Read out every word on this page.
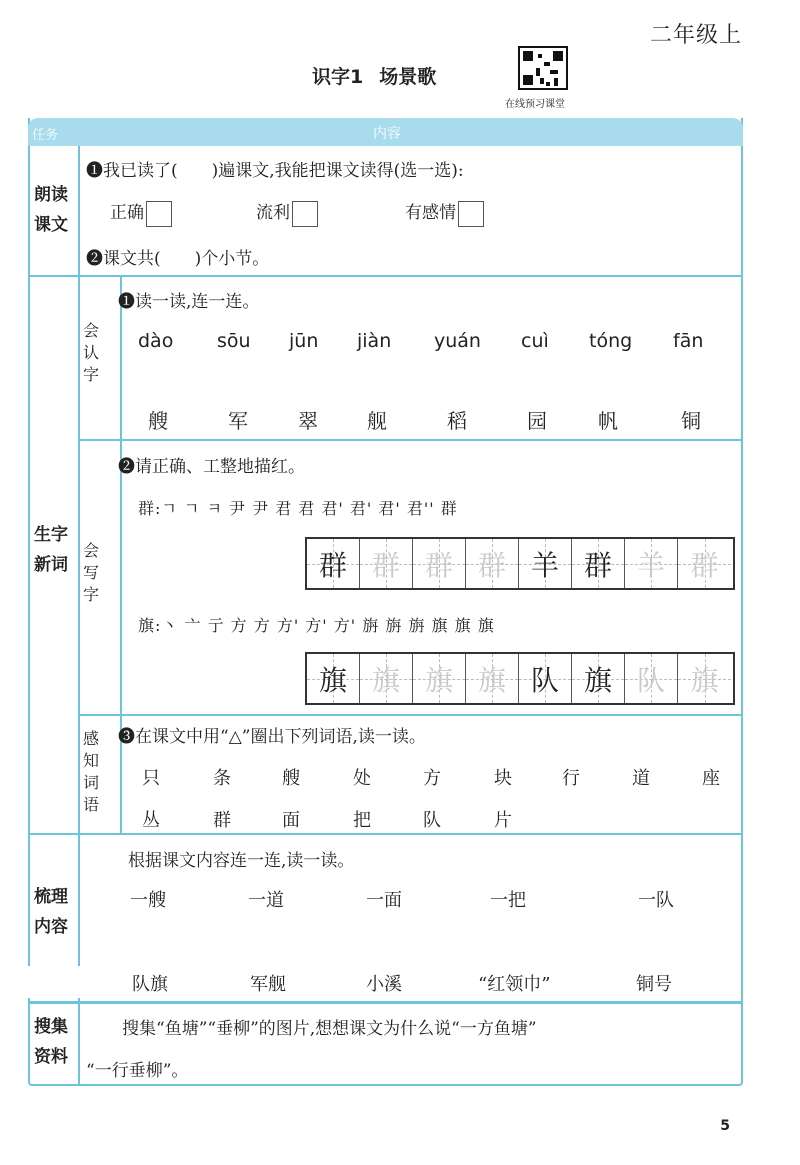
二年级上
识字1 场景歌
在线预习课堂
任务	内容
朗读
课文
❶我已读了(　　)遍课文,我能把课文读得(选一选):
正确	流利	有感情
❷课文共(　　)个小节。
生字
新词
会
认
字
❶读一读,连一连。
dào sōu jūn jiàn yuán cuì tóng fān
艘	军	翠 舰	稻	园	帆	铜
会
写
字
❷请正确、工整地描红。
群:ㄱ ㄱ ㅋ 尹 尹 君 君 君' 君' 君' 君'' 群
群 群 群 群 羊 群 羊 群
旗:丶 亠 亍 方 方 方' 方' 方' 旃 旃 旃 旗 旗 旗
旗 旗 旗 旗 队 旗 队 旗
感
知
词
语
❸在课文中用“△”圈出下列词语,读一读。
只	条	艘	处	方	块	行	道	座
丛	群	面	把	队	片
梳理
内容
根据课文内容连一连,读一读。
一艘	一道	一面	一把	一队
队旗	军舰	小溪	“红领巾”	铜号
搜集
资料
　　搜集“鱼塘”“垂柳”的图片,想想课文为什么说“一方鱼塘”
“一行垂柳”。
5
